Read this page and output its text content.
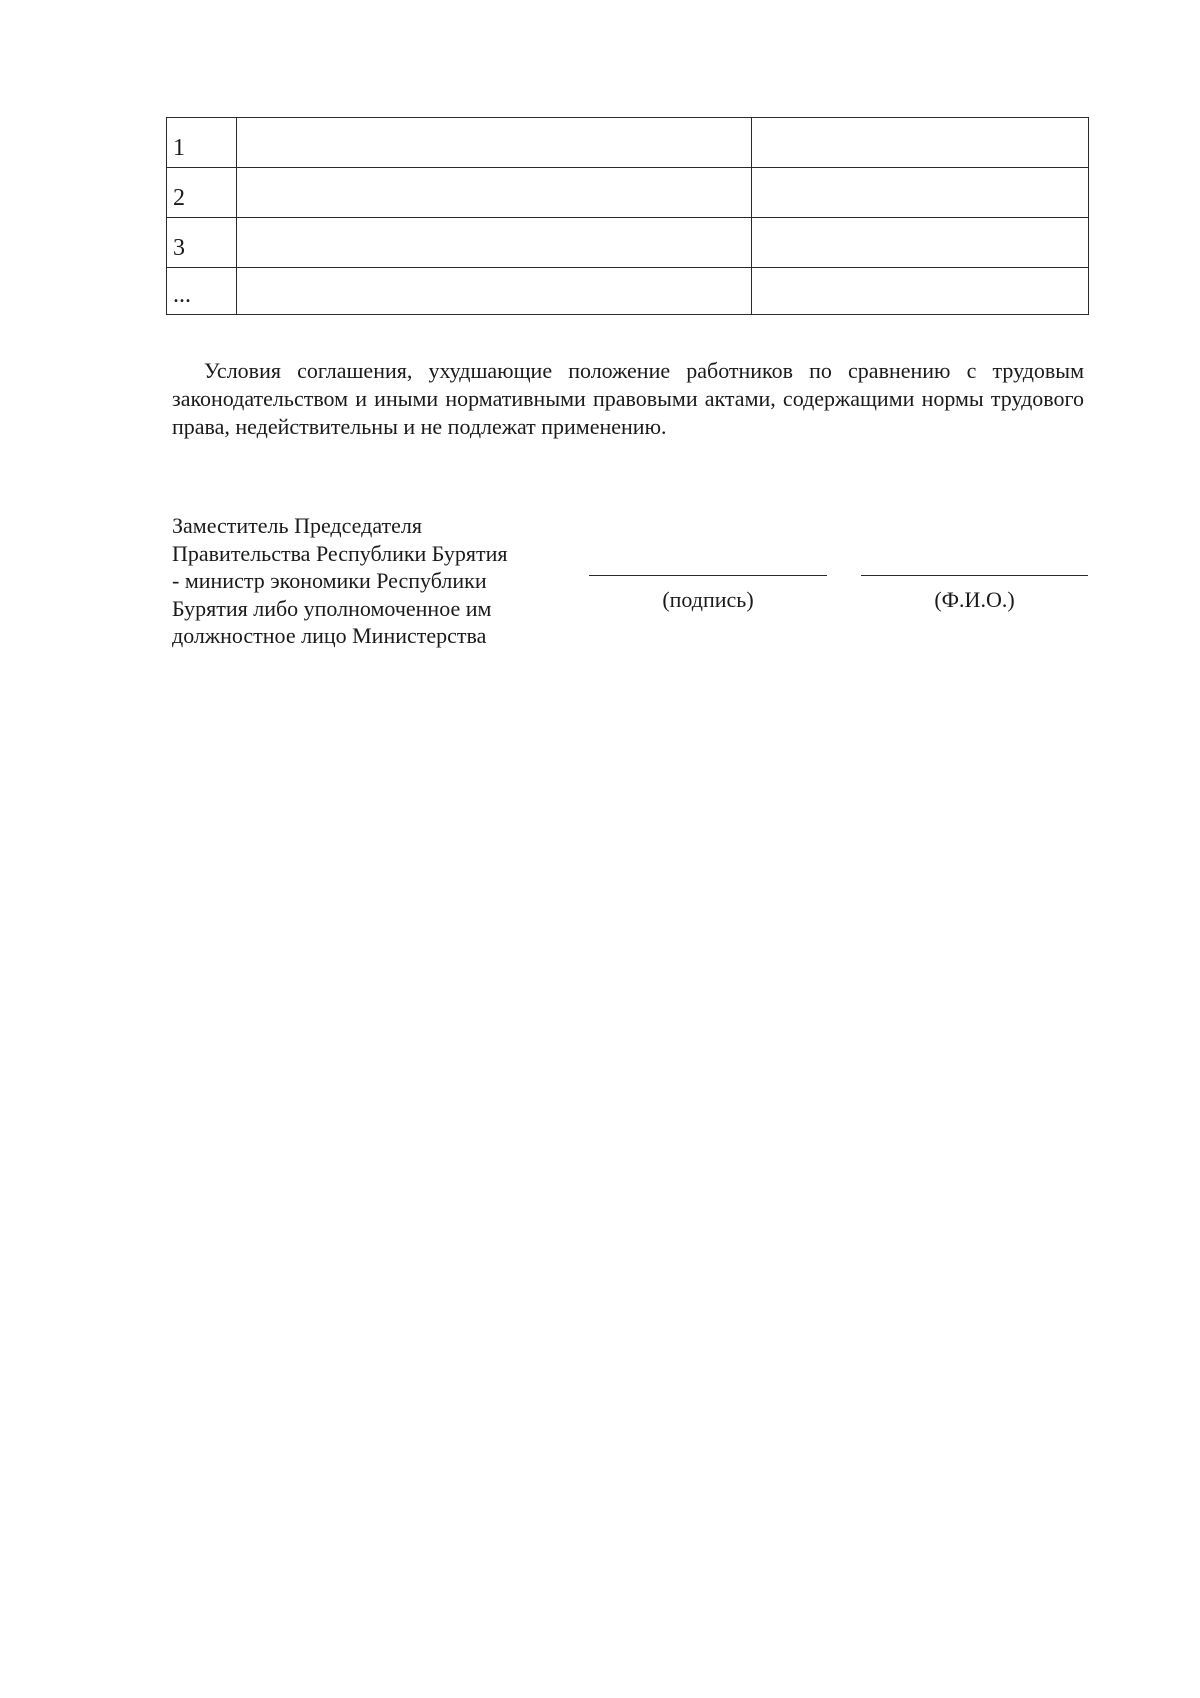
1		
2		
3		
...		

Условия соглашения, ухудшающие положение работников по сравнению с трудовым законодательством и иными нормативными правовыми актами, содержащими нормы трудового права, недействительны и не подлежат применению.

Заместитель Председателя
Правительства Республики Бурятия
- министр экономики Республики
Бурятия либо уполномоченное им
должностное лицо Министерства

(подпись)	(Ф.И.О.)
